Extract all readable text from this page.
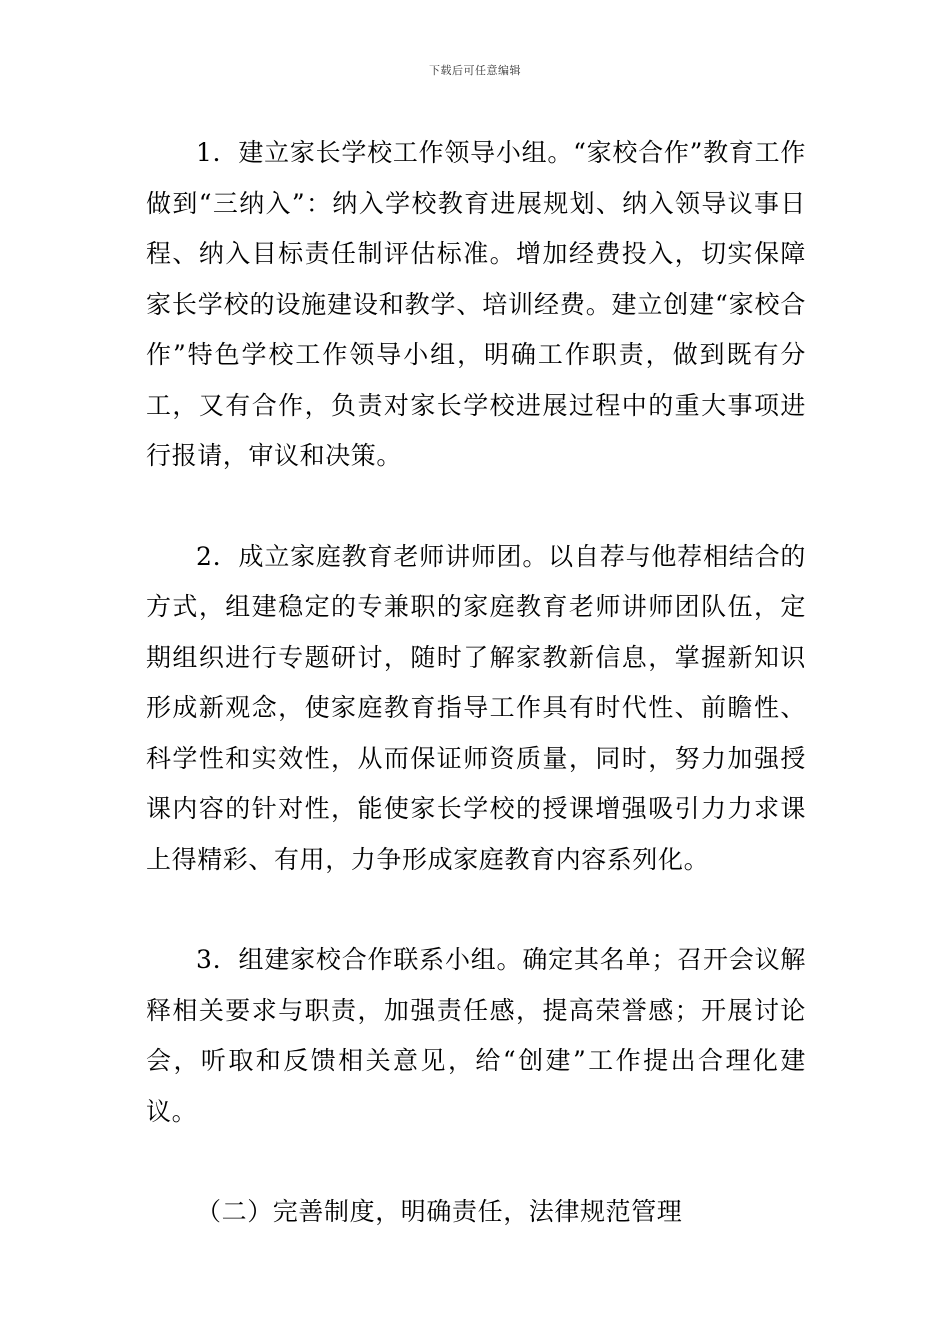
下载后可任意编辑

1．建立家长学校工作领导小组。“家校合作”教育工作做到“三纳入”：纳入学校教育进展规划、纳入领导议事日程、纳入目标责任制评估标准。增加经费投入，切实保障家长学校的设施建设和教学、培训经费。建立创建“家校合作”特色学校工作领导小组，明确工作职责，做到既有分工，又有合作，负责对家长学校进展过程中的重大事项进行报请，审议和决策。

2．成立家庭教育老师讲师团。以自荐与他荐相结合的方式，组建稳定的专兼职的家庭教育老师讲师团队伍，定期组织进行专题研讨，随时了解家教新信息，掌握新知识形成新观念，使家庭教育指导工作具有时代性、前瞻性、科学性和实效性，从而保证师资质量，同时，努力加强授课内容的针对性，能使家长学校的授课增强吸引力力求课上得精彩、有用，力争形成家庭教育内容系列化。

3．组建家校合作联系小组。确定其名单；召开会议解释相关要求与职责，加强责任感，提高荣誉感；开展讨论会，听取和反馈相关意见，给“创建”工作提出合理化建议。

（二）完善制度，明确责任，法律规范管理
